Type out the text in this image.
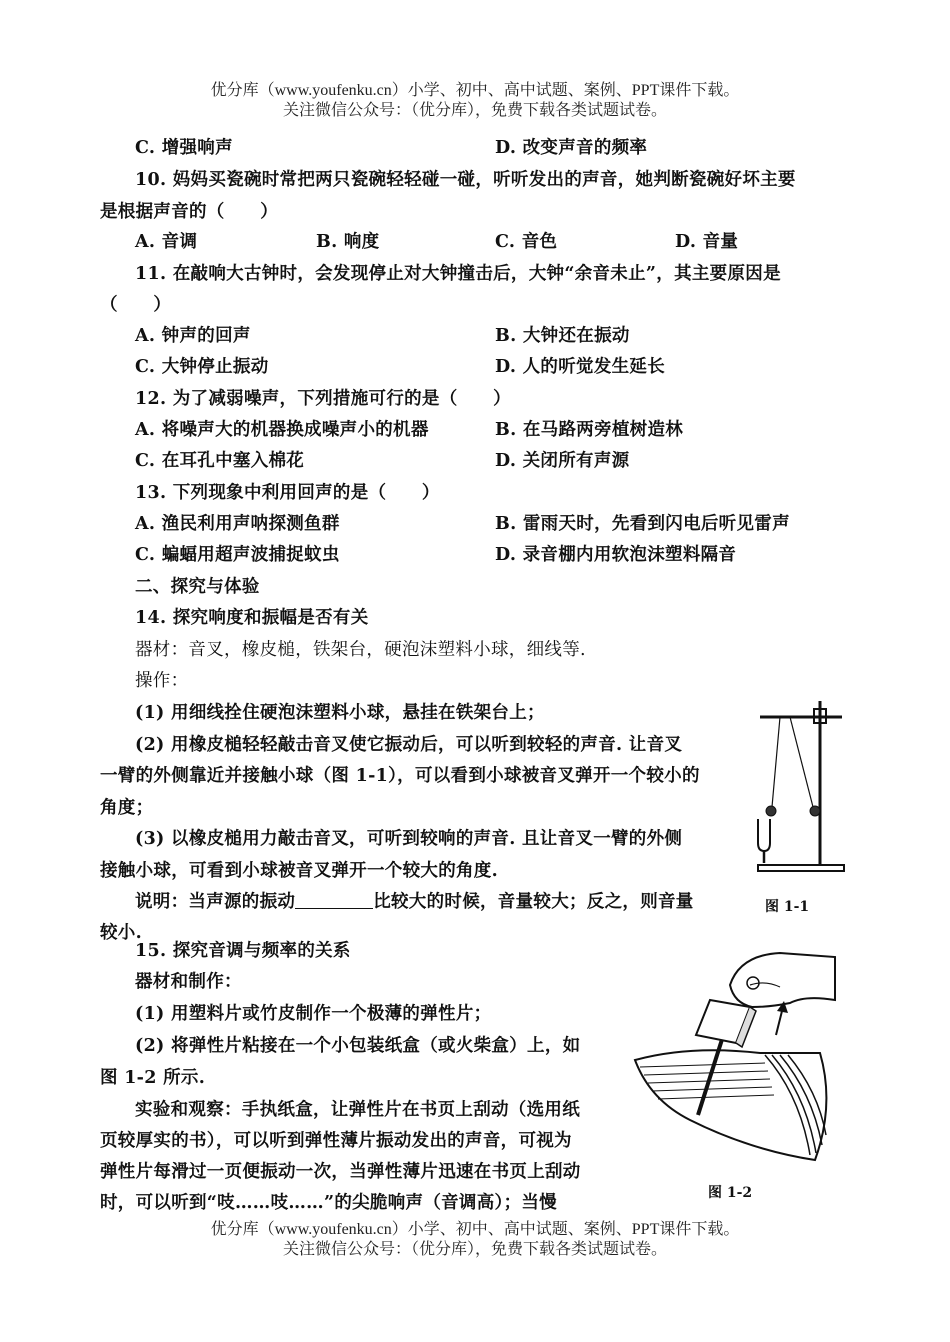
优分库（www.youfenku.cn）小学、初中、高中试题、案例、PPT课件下载。
关注微信公众号：（优分库），免费下载各类试题试卷。
C. 增强响声	D. 改变声音的频率
10. 妈妈买瓷碗时常把两只瓷碗轻轻碰一碰，听听发出的声音，她判断瓷碗好坏主要
是根据声音的（　　）
A. 音调	B. 响度	C. 音色	D. 音量
11. 在敲响大古钟时，会发现停止对大钟撞击后，大钟“余音未止”，其主要原因是
（　　）
A. 钟声的回声	B. 大钟还在振动
C. 大钟停止振动	D. 人的听觉发生延长
12. 为了减弱噪声，下列措施可行的是（　　）
A. 将噪声大的机器换成噪声小的机器	B. 在马路两旁植树造林
C. 在耳孔中塞入棉花	D. 关闭所有声源
13. 下列现象中利用回声的是（　　）
A. 渔民利用声呐探测鱼群	B. 雷雨天时，先看到闪电后听见雷声
C. 蝙蝠用超声波捕捉蚊虫	D. 录音棚内用软泡沫塑料隔音
二、探究与体验
14. 探究响度和振幅是否有关
器材：音叉，橡皮槌，铁架台，硬泡沫塑料小球，细线等.
操作：
(1) 用细线拴住硬泡沫塑料小球，悬挂在铁架台上；
(2) 用橡皮槌轻轻敲击音叉使它振动后，可以听到较轻的声音. 让音叉
一臂的外侧靠近并接触小球（图 1-1），可以看到小球被音叉弹开一个较小的
角度；
(3) 以橡皮槌用力敲击音叉，可听到较响的声音. 且让音叉一臂的外侧
接触小球，可看到小球被音叉弹开一个较大的角度.
说明：当声源的振动	比较大的时候，音量较大；反之，则音量
较小.
图 1-1
15. 探究音调与频率的关系
器材和制作：
(1) 用塑料片或竹皮制作一个极薄的弹性片；
(2) 将弹性片粘接在一个小包装纸盒（或火柴盒）上，如
图 1-2 所示.
实验和观察：手执纸盒，让弹性片在书页上刮动（选用纸
页较厚实的书），可以听到弹性薄片振动发出的声音，可视为
弹性片每滑过一页便振动一次，当弹性薄片迅速在书页上刮动
时，可以听到“吱……吱……”的尖脆响声（音调高）；当慢	图 1-2
优分库（www.youfenku.cn）小学、初中、高中试题、案例、PPT课件下载。
关注微信公众号：（优分库），免费下载各类试题试卷。
